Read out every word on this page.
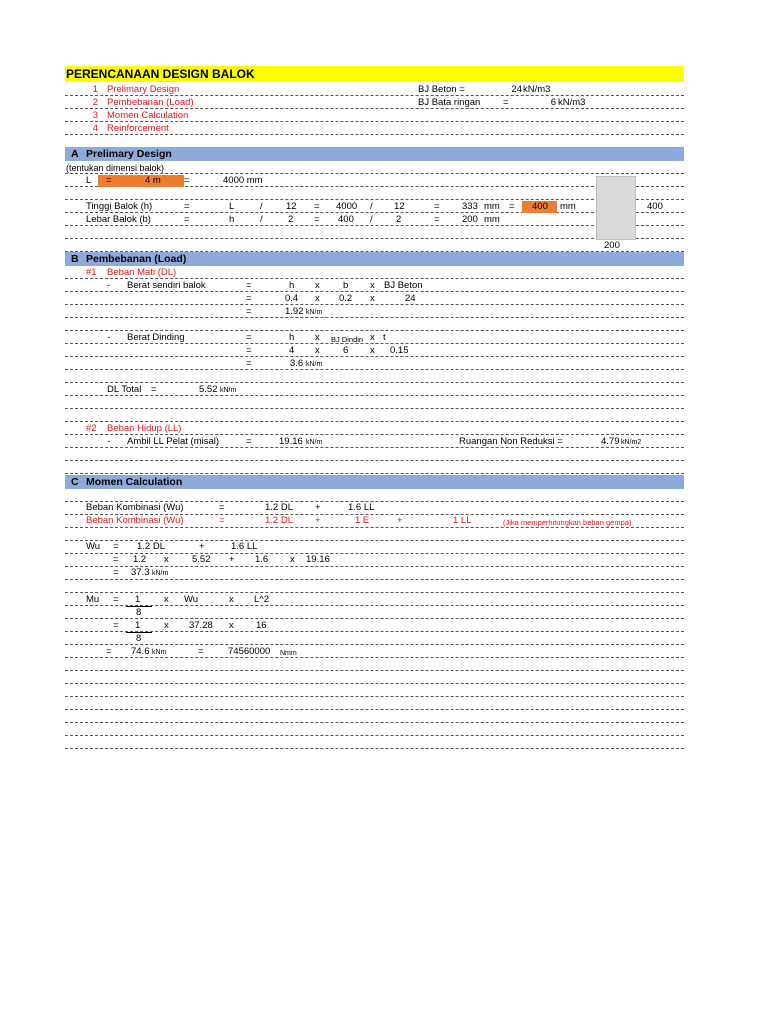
PERENCANAAN DESIGN BALOK
1 Prelimary Design
2 Pembebanan (Load)
3 Momen Calculation
4 Reinforcement
BJ Beton =	24 kN/m3
BJ Bata ringan =	6 kN/m3
A Prelimary Design
(tentukan dimensi balok)
L =	4 m =	4000 mm
Tinggi Balok (h)	=	L	/ 12 = 4000 / 12	= 333 mm = 400 mm
Lebar Balok (b)	=	h	/	2 = 400 / 2	= 200 mm
400
200
B Pembebanan (Load)
#1 Beban Mati (DL)
- Berat sendiri balok	=	h x b x BJ Beton
=	0.4 x 0.2 x	24
=	1.92 kN/m
- Berat Dinding	=	h x BJ Dindin x t
=	4 x 6 x 0.15
=	3.6 kN/m
DL Total =	5.52 kN/m
#2 Beban Hidup (LL)
- Ambil LL Pelat (misal)	=	19.16 kN/m	Ruangan Non Reduksi =	4.79 kN/m2
C Momen Calculation
Beban Kombinasi (Wu)	=	1.2 DL +	1.6 LL
Beban Kombinasi (Wu)	=	1.2 DL +	1 E	+	1 LL	(Jika memperhitungkan beban gempa)
Wu = 1.2 DL	+	1.6 LL
= 1.2 x 5.52 + 1.6 x 19.16
= 37.3 kN/m
Mu = 1 x Wu	x L^2
8
= 1 x 37.28 x 16
8
= 74.6 kNm	=	74560000 Nmm
